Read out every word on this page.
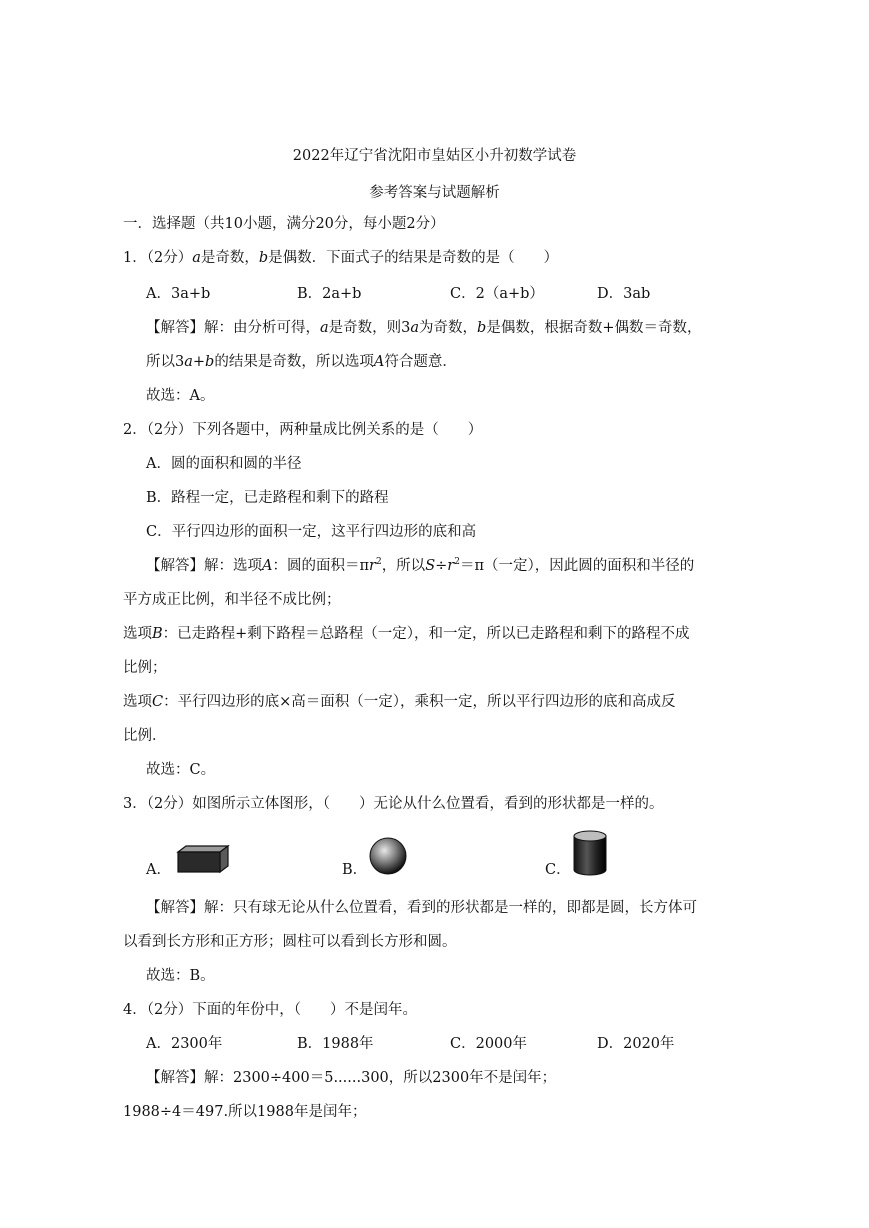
2022年辽宁省沈阳市皇姑区小升初数学试卷
参考答案与试题解析
一．选择题（共10小题，满分20分，每小题2分）
1．（2分）a是奇数，b是偶数．下面式子的结果是奇数的是（　　）
A．3a+b	B．2a+b	C．2（a+b）	D．3ab
【解答】解：由分析可得，a是奇数，则3a为奇数，b是偶数，根据奇数+偶数＝奇数，
所以3a+b的结果是奇数，所以选项A符合题意．
故选：A。
2．（2分）下列各题中，两种量成比例关系的是（　　）
A．圆的面积和圆的半径
B．路程一定，已走路程和剩下的路程
C．平行四边形的面积一定，这平行四边形的底和高
【解答】解：选项A：圆的面积$=\pi r^2$，所以$S\div r^2=\pi$（一定），因此圆的面积和半径的
平方成正比例，和半径不成比例；
选项B：已走路程+剩下路程＝总路程（一定），和一定，所以已走路程和剩下的路程不成
比例；
选项C：平行四边形的底×高＝面积（一定），乘积一定，所以平行四边形的底和高成反
比例．
故选：C。
3．（2分）如图所示立体图形，（　　）无论从什么位置看，看到的形状都是一样的。
A．	B．	C．
【解答】解：只有球无论从什么位置看，看到的形状都是一样的，即都是圆，长方体可
以看到长方形和正方形；圆柱可以看到长方形和圆。
故选：B。
4．（2分）下面的年份中，（　　）不是闰年。
A．2300年	B．1988年	C．2000年	D．2020年
【解答】解：2300÷400＝5......300，所以2300年不是闰年；
1988÷4＝497.所以1988年是闰年；
